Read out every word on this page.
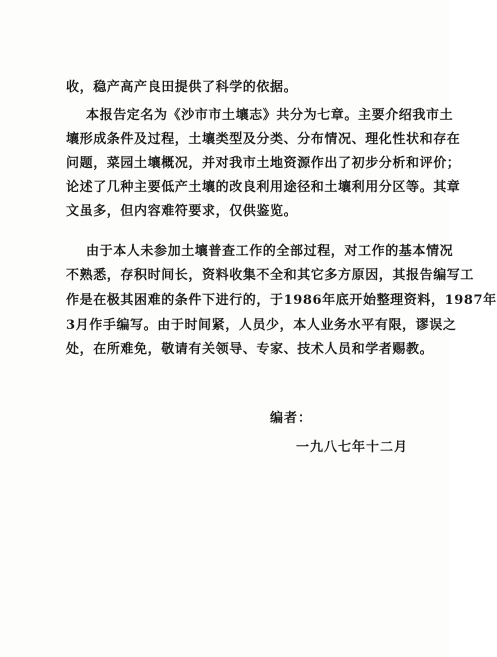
收，稳产高产良田提供了科学的依据。
本报告定名为《沙市市土壤志》共分为七章。主要介绍我市土
壤形成条件及过程，土壤类型及分类、分布情况、理化性状和存在
问题，菜园土壤概况，并对我市土地资源作出了初步分析和评价；
论述了几种主要低产土壤的改良利用途径和土壤利用分区等。其章
文虽多，但内容难符要求，仅供鉴览。
由于本人未参加土壤普查工作的全部过程，对工作的基本情况
不熟悉，存积时间长，资料收集不全和其它多方原因，其报告编写工
作是在极其困难的条件下进行的，于1986年底开始整理资料，1987年
3月作手编写。由于时间紧，人员少，本人业务水平有限，谬误之
处，在所难免，敬请有关领导、专家、技术人员和学者赐教。
编者：
一九八七年十二月
